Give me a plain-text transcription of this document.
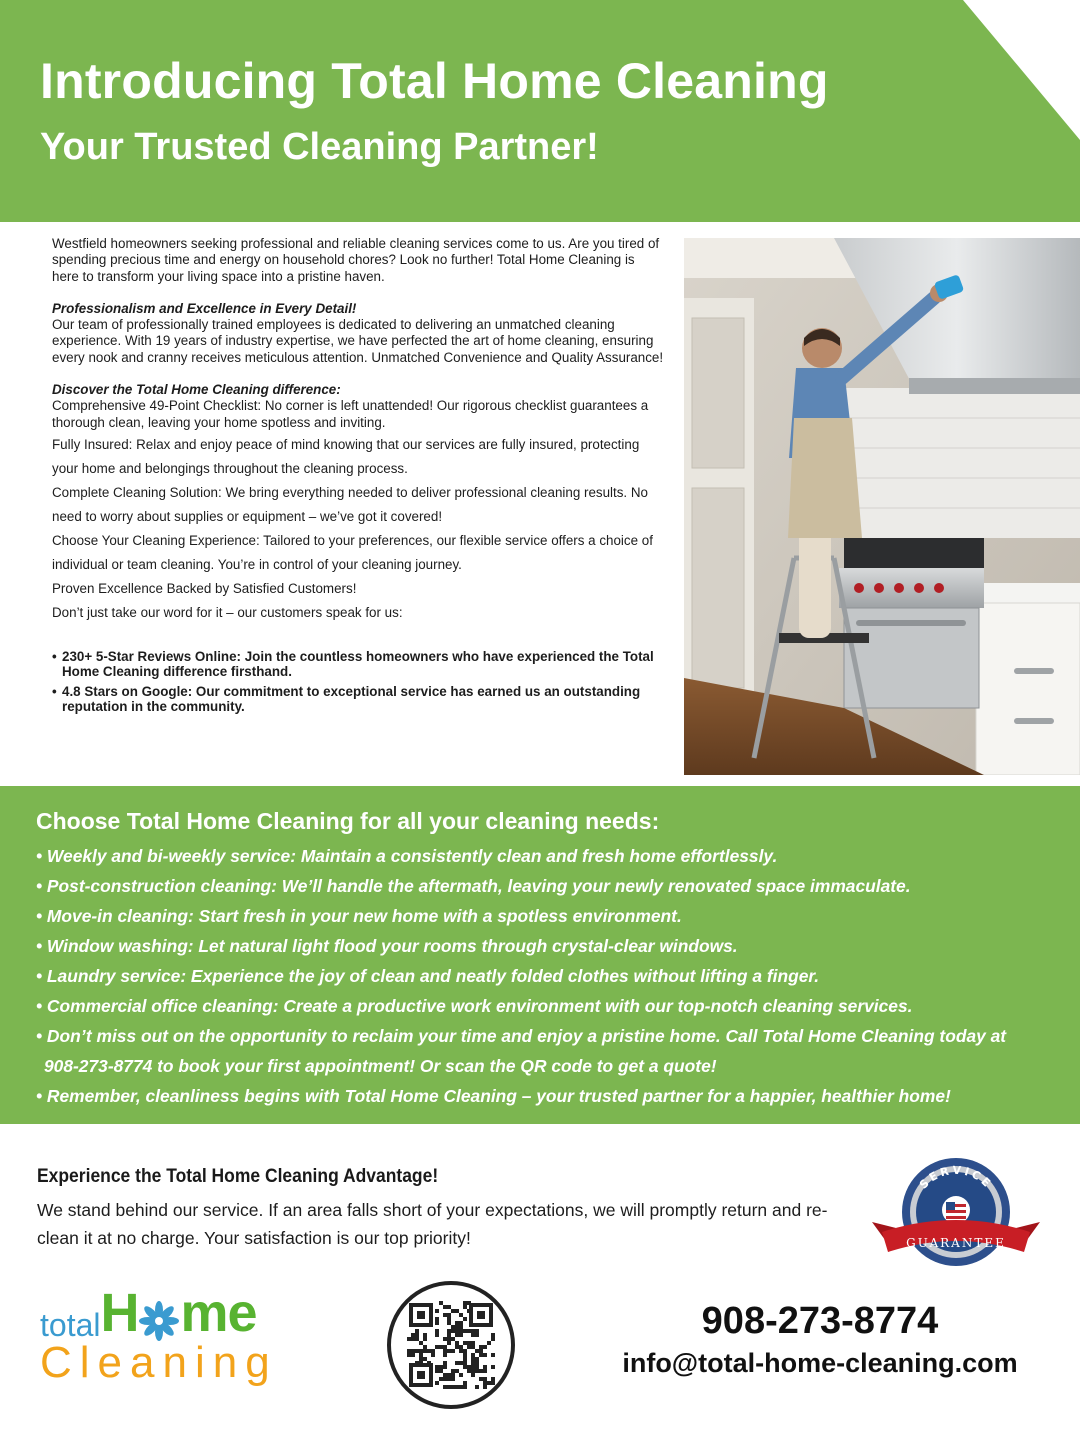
Introducing Total Home Cleaning
Your Trusted Cleaning Partner!

Westfield homeowners seeking professional and reliable cleaning services come to us. Are you tired of spending precious time and energy on household chores? Look no further! Total Home Cleaning is here to transform your living space into a pristine haven.

Professionalism and Excellence in Every Detail!

Our team of professionally trained employees is dedicated to delivering an unmatched cleaning experience. With 19 years of industry expertise, we have perfected the art of home cleaning, ensuring every nook and cranny receives meticulous attention. Unmatched Convenience and Quality Assurance!

Discover the Total Home Cleaning difference:

Comprehensive 49-Point Checklist: No corner is left unattended! Our rigorous checklist guarantees a thorough clean, leaving your home spotless and inviting.

Fully Insured: Relax and enjoy peace of mind knowing that our services are fully insured, protecting your home and belongings throughout the cleaning process.

Complete Cleaning Solution: We bring everything needed to deliver professional cleaning results. No need to worry about supplies or equipment – we’ve got it covered!

Choose Your Cleaning Experience: Tailored to your preferences, our flexible service offers a choice of individual or team cleaning. You’re in control of your cleaning journey.

Proven Excellence Backed by Satisfied Customers!

Don’t just take our word for it – our customers speak for us:

• 230+ 5-Star Reviews Online: Join the countless homeowners who have experienced the Total Home Cleaning difference firsthand.
• 4.8 Stars on Google: Our commitment to exceptional service has earned us an outstanding reputation in the community.
Choose Total Home Cleaning for all your cleaning needs:
• Weekly and bi-weekly service: Maintain a consistently clean and fresh home effortlessly.
• Post-construction cleaning: We’ll handle the aftermath, leaving your newly renovated space immaculate.
• Move-in cleaning: Start fresh in your new home with a spotless environment.
• Window washing: Let natural light flood your rooms through crystal-clear windows.
• Laundry service: Experience the joy of clean and neatly folded clothes without lifting a finger.
• Commercial office cleaning: Create a productive work environment with our top-notch cleaning services.
• Don’t miss out on the opportunity to reclaim your time and enjoy a pristine home. Call Total Home Cleaning today at
908-273-8774 to book your first appointment! Or scan the QR code to get a quote!
• Remember, cleanliness begins with Total Home Cleaning – your trusted partner for a happier, healthier home!
Experience the Total Home Cleaning Advantage!
We stand behind our service. If an area falls short of your expectations, we will promptly return and re-clean it at no charge. Your satisfaction is our top priority!
SERVICE
GUARANTEE
totalH me
Cleaning
908-273-8774
info@total-home-cleaning.com
